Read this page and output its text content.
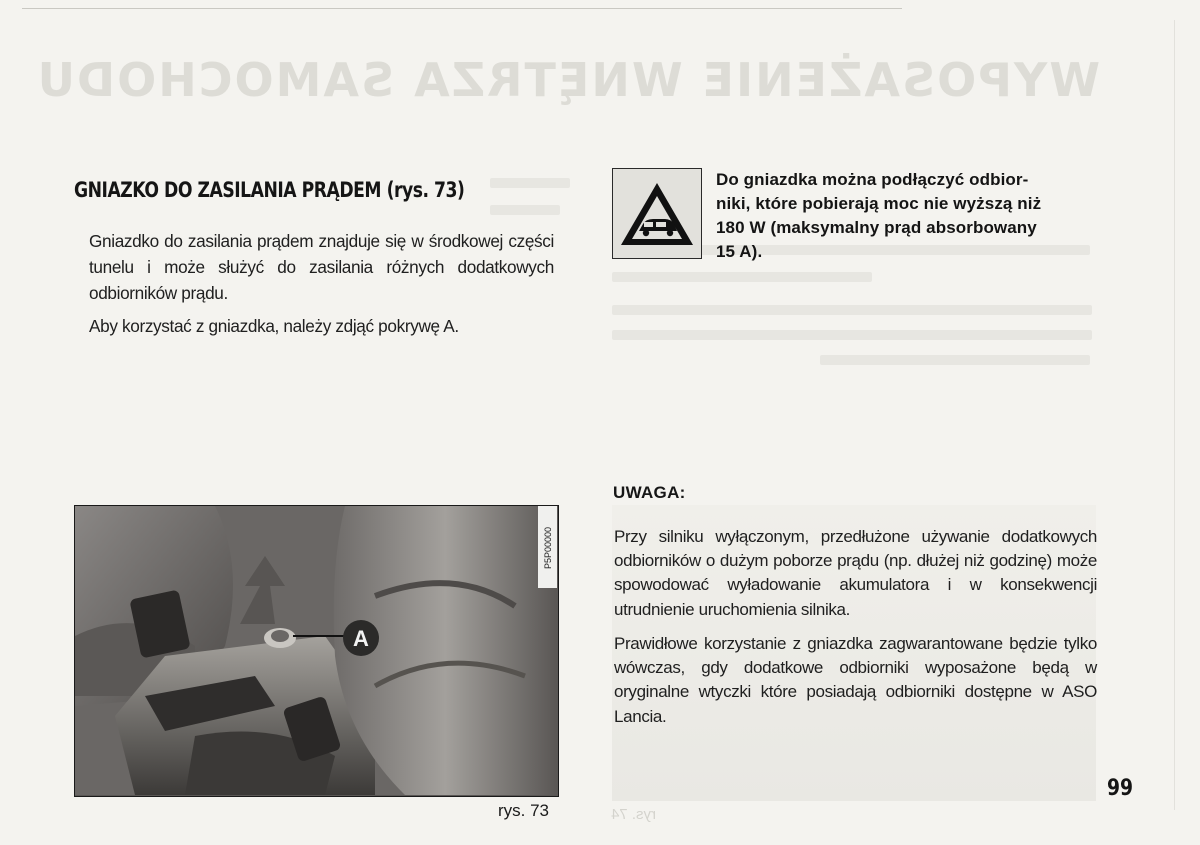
WYPOSAŻENIE WNĘTRZA SAMOCHODU
GNIAZKO DO ZASILANIA PRĄDEM (rys. 73)

Gniazdko do zasilania prądem znajduje się w środkowej części tunelu i może służyć do zasilania różnych dodatkowych odbiorników prądu.

Aby korzystać z gniazdka, należy zdjąć pokrywę A.

Do gniazdka można podłączyć odbior-
niki, które pobierają moc nie wyższą niż
180 W (maksymalny prąd absorbowany
15 A).
A
P5P00000
rys. 73	rys. 74
UWAGA:

Przy silniku wyłączonym, przedłużone używanie dodatkowych odbiorników o dużym poborze prądu (np. dłużej niż godzinę) może spowodować wyładowanie akumulatora i w konsekwencji utrudnienie uruchomienia silnika.

Prawidłowe korzystanie z gniazdka zagwarantowane będzie tylko wówczas, gdy dodatkowe odbiorniki wyposażone będą w oryginalne wtyczki które posiadają odbiorniki dostępne w ASO Lancia.

99
